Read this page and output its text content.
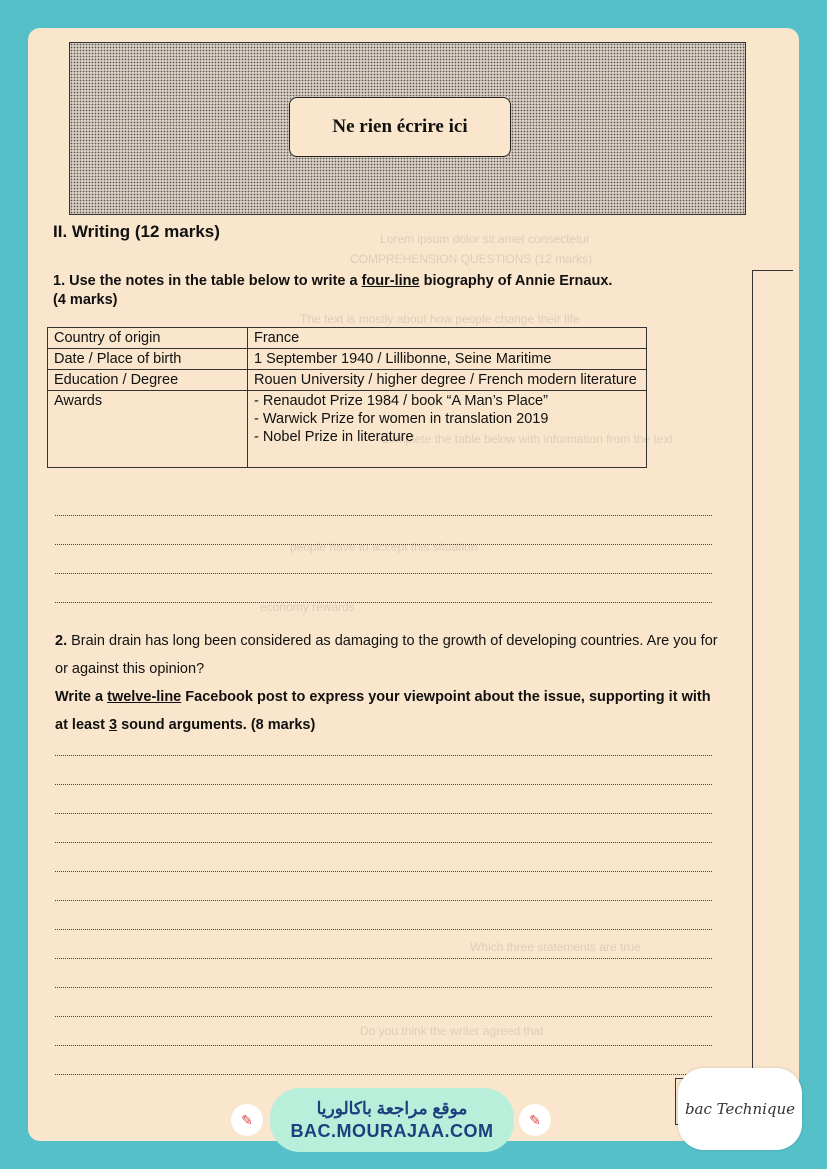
Ne rien écrire ici
Lorem ipsum dolor sit amet consectetur
COMPREHENSION QUESTIONS (12 marks)
The text is mostly about how people change their life
Complete the table below with information from the text
people have to accept this situation
economy rewards
Which three statements are true
Do you think the writer agreed that
II. Writing (12 marks)
1. Use the notes in the table below to write a four-line biography of Annie Ernaux.
(4 marks)
Country of origin	France

Date / Place of birth	1 September 1940 / Lillibonne, Seine Maritime

Education / Degree	Rouen University / higher degree / French modern literature

Awards	- Renaudot Prize 1984 / book “A Man’s Place”
- Warwick Prize for women in translation 2019
- Nobel Prize in literature
2. Brain drain has long been considered as damaging to the growth of developing countries. Are you for or against this opinion?
Write a twelve-line Facebook post to express your viewpoint about the issue, supporting it with at least 3 sound arguments. (8 marks)
✎
موقع مراجعة باكالوريا
BAC.MOURAJAA.COM
✎
bac Technique
